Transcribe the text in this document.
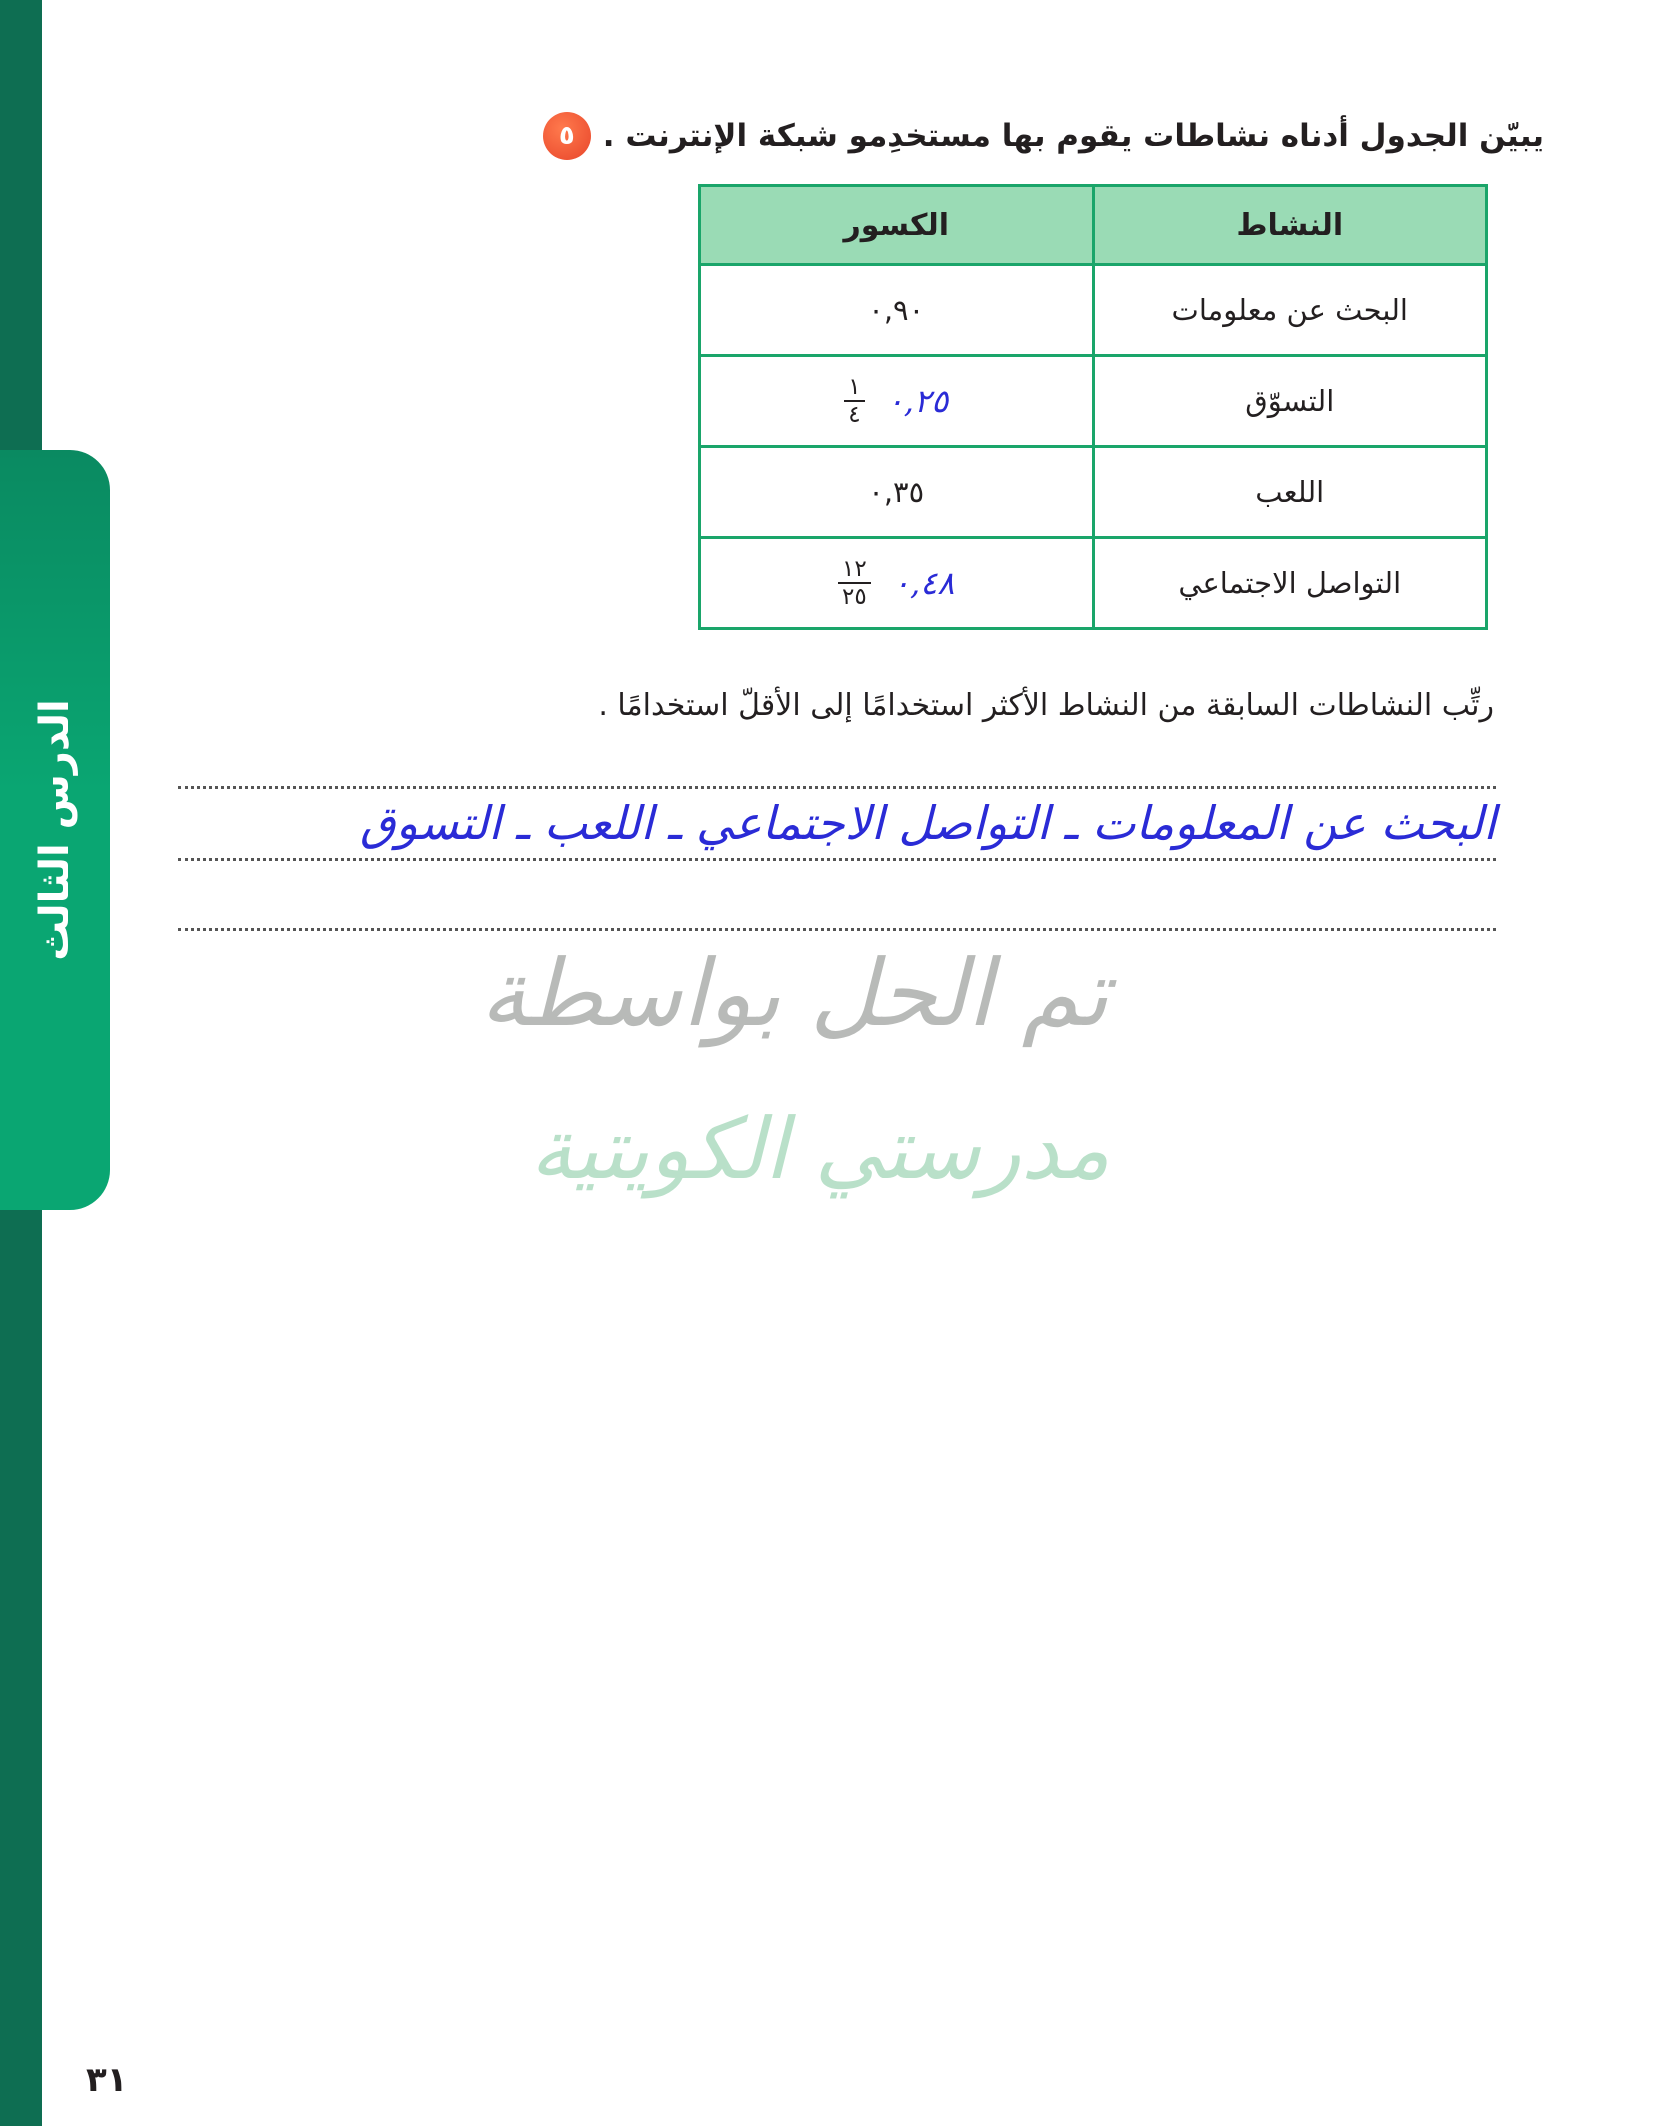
الدرس الثالث
٥ يبيّن الجدول أدناه نشاطات يقوم بها مستخدِمو شبكة الإنترنت .
النشاط	الكسور
البحث عن معلومات	٠,٩٠
التسوّق	$\frac{١}{٤}$ ٠,٢٥

اللعب	٠,٣٥
التواصل الاجتماعي	$\frac{١٢}{٢٥}$ ٠,٤٨
رتِّب النشاطات السابقة من النشاط الأكثر استخدامًا إلى الأقلّ استخدامًا .
البحث عن المعلومات ـ التواصل الاجتماعي ـ اللعب ـ التسوق
تم الحل بواسطة
مدرستي الكويتية
٣١
